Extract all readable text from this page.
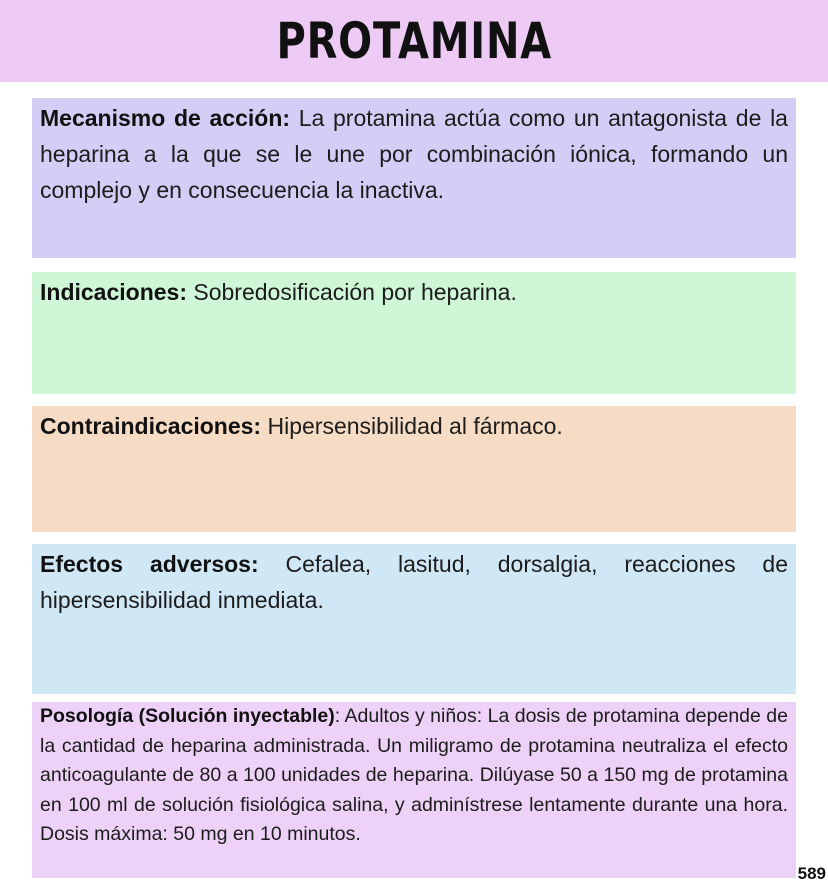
PROTAMINA
Mecanismo de acción: La protamina actúa como un antagonista de la heparina a la que se le une por combinación iónica, formando un complejo y en consecuencia la inactiva.
Indicaciones: Sobredosificación por heparina.
Contraindicaciones: Hipersensibilidad al fármaco.
Efectos adversos: Cefalea, lasitud, dorsalgia, reacciones de hipersensibilidad inmediata.
Posología (Solución inyectable): Adultos y niños: La dosis de protamina depende de la cantidad de heparina administrada. Un miligramo de protamina neutraliza el efecto anticoagulante de 80 a 100 unidades de heparina. Dilúyase 50 a 150 mg de protamina en 100 ml de solución fisiológica salina, y adminístrese lentamente durante una hora. Dosis máxima: 50 mg en 10 minutos.
589
